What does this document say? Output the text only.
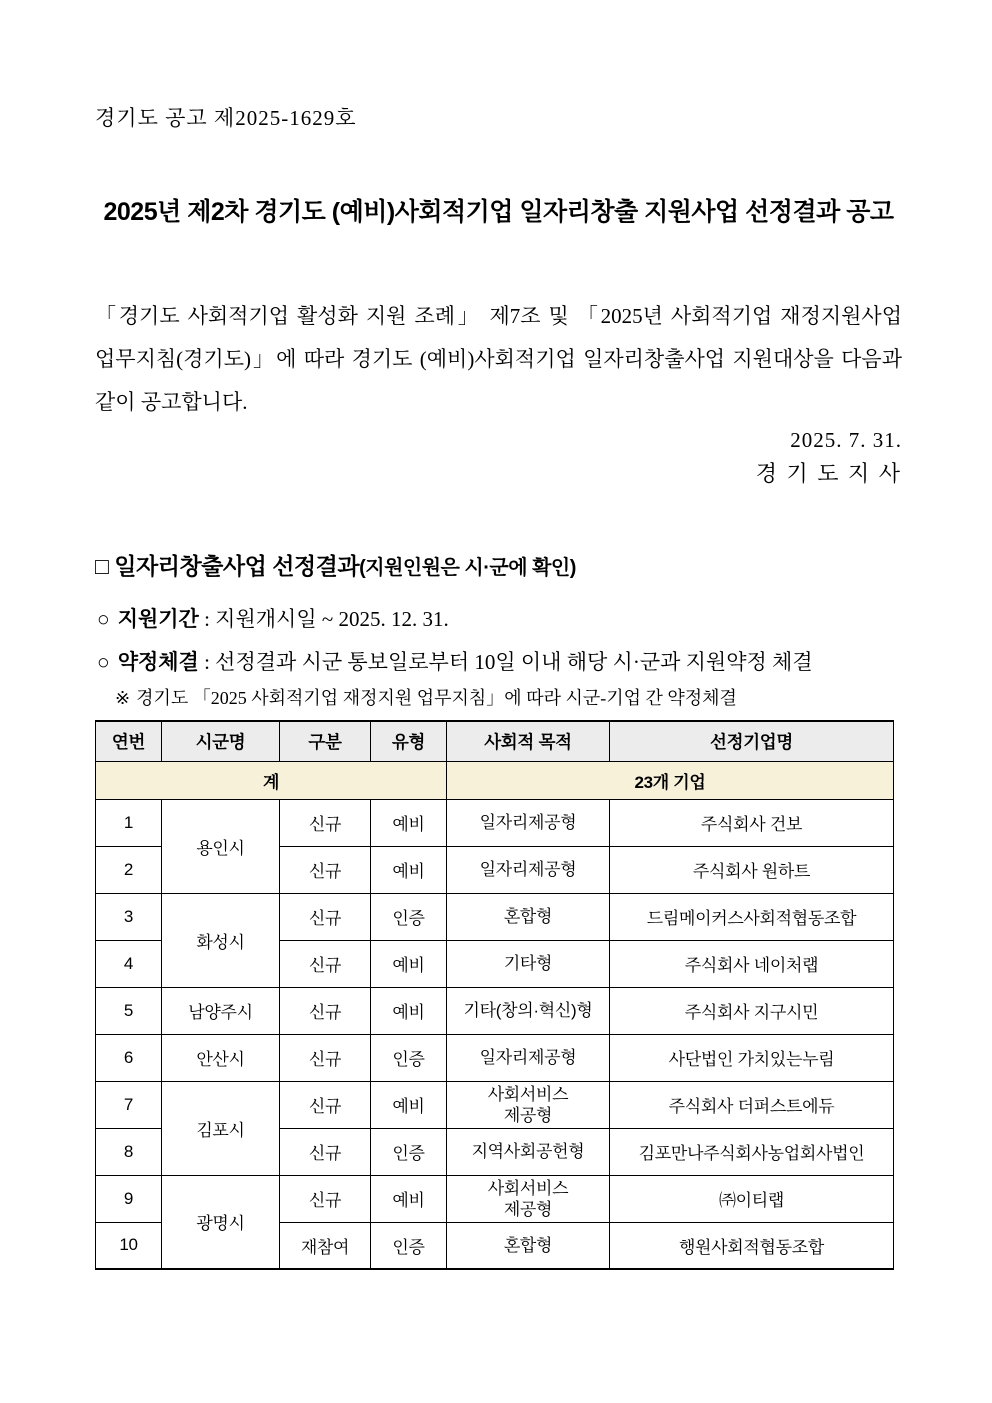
경기도 공고 제2025-1629호
2025년 제2차 경기도 (예비)사회적기업 일자리창출 지원사업 선정결과 공고

「경기도 사회적기업 활성화 지원 조례」 제7조 및 「2025년 사회적기업 재정지원사업 업무지침(경기도)」에 따라 경기도 (예비)사회적기업 일자리창출사업 지원대상을 다음과 같이 공고합니다.

2025. 7. 31.
경 기 도 지 사
□ 일자리창출사업 선정결과(지원인원은 시·군에 확인)
○ 지원기간 : 지원개시일 ~ 2025. 12. 31.
○ 약정체결 : 선정결과 시군 통보일로부터 10일 이내 해당 시·군과 지원약정 체결
※ 경기도 「2025 사회적기업 재정지원 업무지침」에 따라 시군-기업 간 약정체결
연번	시군명	구분	유형	사회적 목적	선정기업명
계				23개 기업	
1	용인시	신규	예비	일자리제공형	주식회사 건보
2		신규	예비	일자리제공형	주식회사 원하트
3	화성시	신규	인증	혼합형	드림메이커스사회적협동조합
4		신규	예비	기타형	주식회사 네이처랩
5	남양주시	신규	예비	기타(창의·혁신)형	주식회사 지구시민
6	안산시	신규	인증	일자리제공형	사단법인 가치있는누림
7	김포시	신규	예비	사회서비스
제공형	주식회사 더퍼스트에듀
8		신규	인증	지역사회공헌형	김포만나주식회사농업회사법인
9	광명시	신규	예비	사회서비스
제공형	㈜이티랩
10		재참여	인증	혼합형	행원사회적협동조합
